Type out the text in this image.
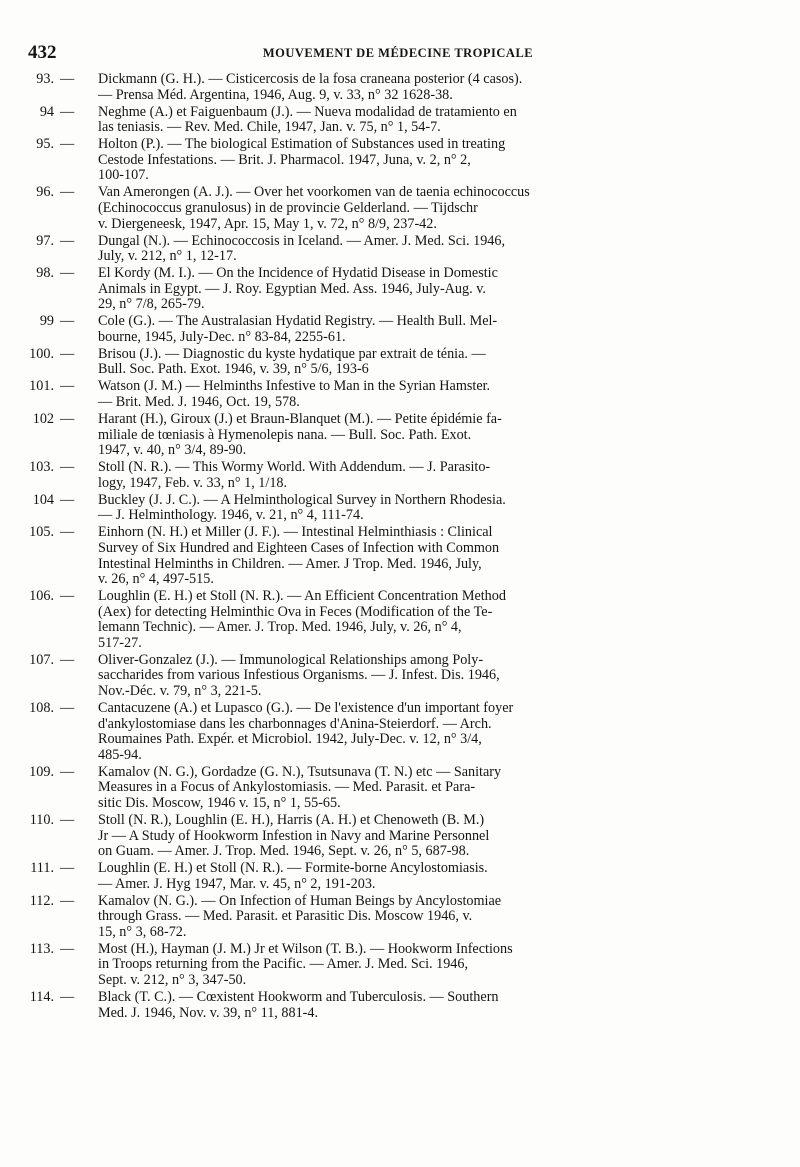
432	MOUVEMENT DE MÉDECINE TROPICALE
93. — Dickmann (G. H.). — Cisticercosis de la fosa craneana posterior (4 casos).
— Prensa Méd. Argentina, 1946, Aug. 9, v. 33, n° 32 1628-38.
94 — Neghme (A.) et Faiguenbaum (J.). — Nueva modalidad de tratamiento en
las teniasis. — Rev. Med. Chile, 1947, Jan. v. 75, n° 1, 54-7.
95. — Holton (P.). — The biological Estimation of Substances used in treating
Cestode Infestations. — Brit. J. Pharmacol. 1947, Juna, v. 2, n° 2,
100-107.
96. — Van Amerongen (A. J.). — Over het voorkomen van de taenia echinococcus
(Echinococcus granulosus) in de provincie Gelderland. — Tijdschr
v. Diergeneesk, 1947, Apr. 15, May 1, v. 72, n° 8/9, 237-42.
97. — Dungal (N.). — Echinococcosis in Iceland. — Amer. J. Med. Sci. 1946,
July, v. 212, n° 1, 12-17.
98. — El Kordy (M. I.). — On the Incidence of Hydatid Disease in Domestic
Animals in Egypt. — J. Roy. Egyptian Med. Ass. 1946, July-Aug. v.
29, n° 7/8, 265-79.
99 — Cole (G.). — The Australasian Hydatid Registry. — Health Bull. Mel-
bourne, 1945, July-Dec. n° 83-84, 2255-61.
100. — Brisou (J.). — Diagnostic du kyste hydatique par extrait de ténia. —
Bull. Soc. Path. Exot. 1946, v. 39, n° 5/6, 193-6
101. — Watson (J. M.) — Helminths Infestive to Man in the Syrian Hamster.
— Brit. Med. J. 1946, Oct. 19, 578.
102 — Harant (H.), Giroux (J.) et Braun-Blanquet (M.). — Petite épidémie fa-
miliale de tœniasis à Hymenolepis nana. — Bull. Soc. Path. Exot.
1947, v. 40, n° 3/4, 89-90.
103. — Stoll (N. R.). — This Wormy World. With Addendum. — J. Parasito-
logy, 1947, Feb. v. 33, n° 1, 1/18.
104 — Buckley (J. J. C.). — A Helminthological Survey in Northern Rhodesia.
— J. Helminthology. 1946, v. 21, n° 4, 111-74.
105. — Einhorn (N. H.) et Miller (J. F.). — Intestinal Helminthiasis : Clinical
Survey of Six Hundred and Eighteen Cases of Infection with Common
Intestinal Helminths in Children. — Amer. J Trop. Med. 1946, July,
v. 26, n° 4, 497-515.
106. — Loughlin (E. H.) et Stoll (N. R.). — An Efficient Concentration Method
(Aex) for detecting Helminthic Ova in Feces (Modification of the Te-
lemann Technic). — Amer. J. Trop. Med. 1946, July, v. 26, n° 4,
517-27.
107. — Oliver-Gonzalez (J.). — Immunological Relationships among Poly-
saccharides from various Infestious Organisms. — J. Infest. Dis. 1946,
Nov.-Déc. v. 79, n° 3, 221-5.
108. — Cantacuzene (A.) et Lupasco (G.). — De l'existence d'un important foyer
d'ankylostomiase dans les charbonnages d'Anina-Steierdorf. — Arch.
Roumaines Path. Expér. et Microbiol. 1942, July-Dec. v. 12, n° 3/4,
485-94.
109. — Kamalov (N. G.), Gordadze (G. N.), Tsutsunava (T. N.) etc — Sanitary
Measures in a Focus of Ankylostomiasis. — Med. Parasit. et Para-
sitic Dis. Moscow, 1946 v. 15, n° 1, 55-65.
110. — Stoll (N. R.), Loughlin (E. H.), Harris (A. H.) et Chenoweth (B. M.)
Jr — A Study of Hookworm Infestion in Navy and Marine Personnel
on Guam. — Amer. J. Trop. Med. 1946, Sept. v. 26, n° 5, 687-98.
111. — Loughlin (E. H.) et Stoll (N. R.). — Formite-borne Ancylostomiasis.
— Amer. J. Hyg 1947, Mar. v. 45, n° 2, 191-203.
112. — Kamalov (N. G.). — On Infection of Human Beings by Ancylostomiae
through Grass. — Med. Parasit. et Parasitic Dis. Moscow 1946, v.
15, n° 3, 68-72.
113. — Most (H.), Hayman (J. M.) Jr et Wilson (T. B.). — Hookworm Infections
in Troops returning from the Pacific. — Amer. J. Med. Sci. 1946,
Sept. v. 212, n° 3, 347-50.
114. — Black (T. C.). — Cœxistent Hookworm and Tuberculosis. — Southern
Med. J. 1946, Nov. v. 39, n° 11, 881-4.
